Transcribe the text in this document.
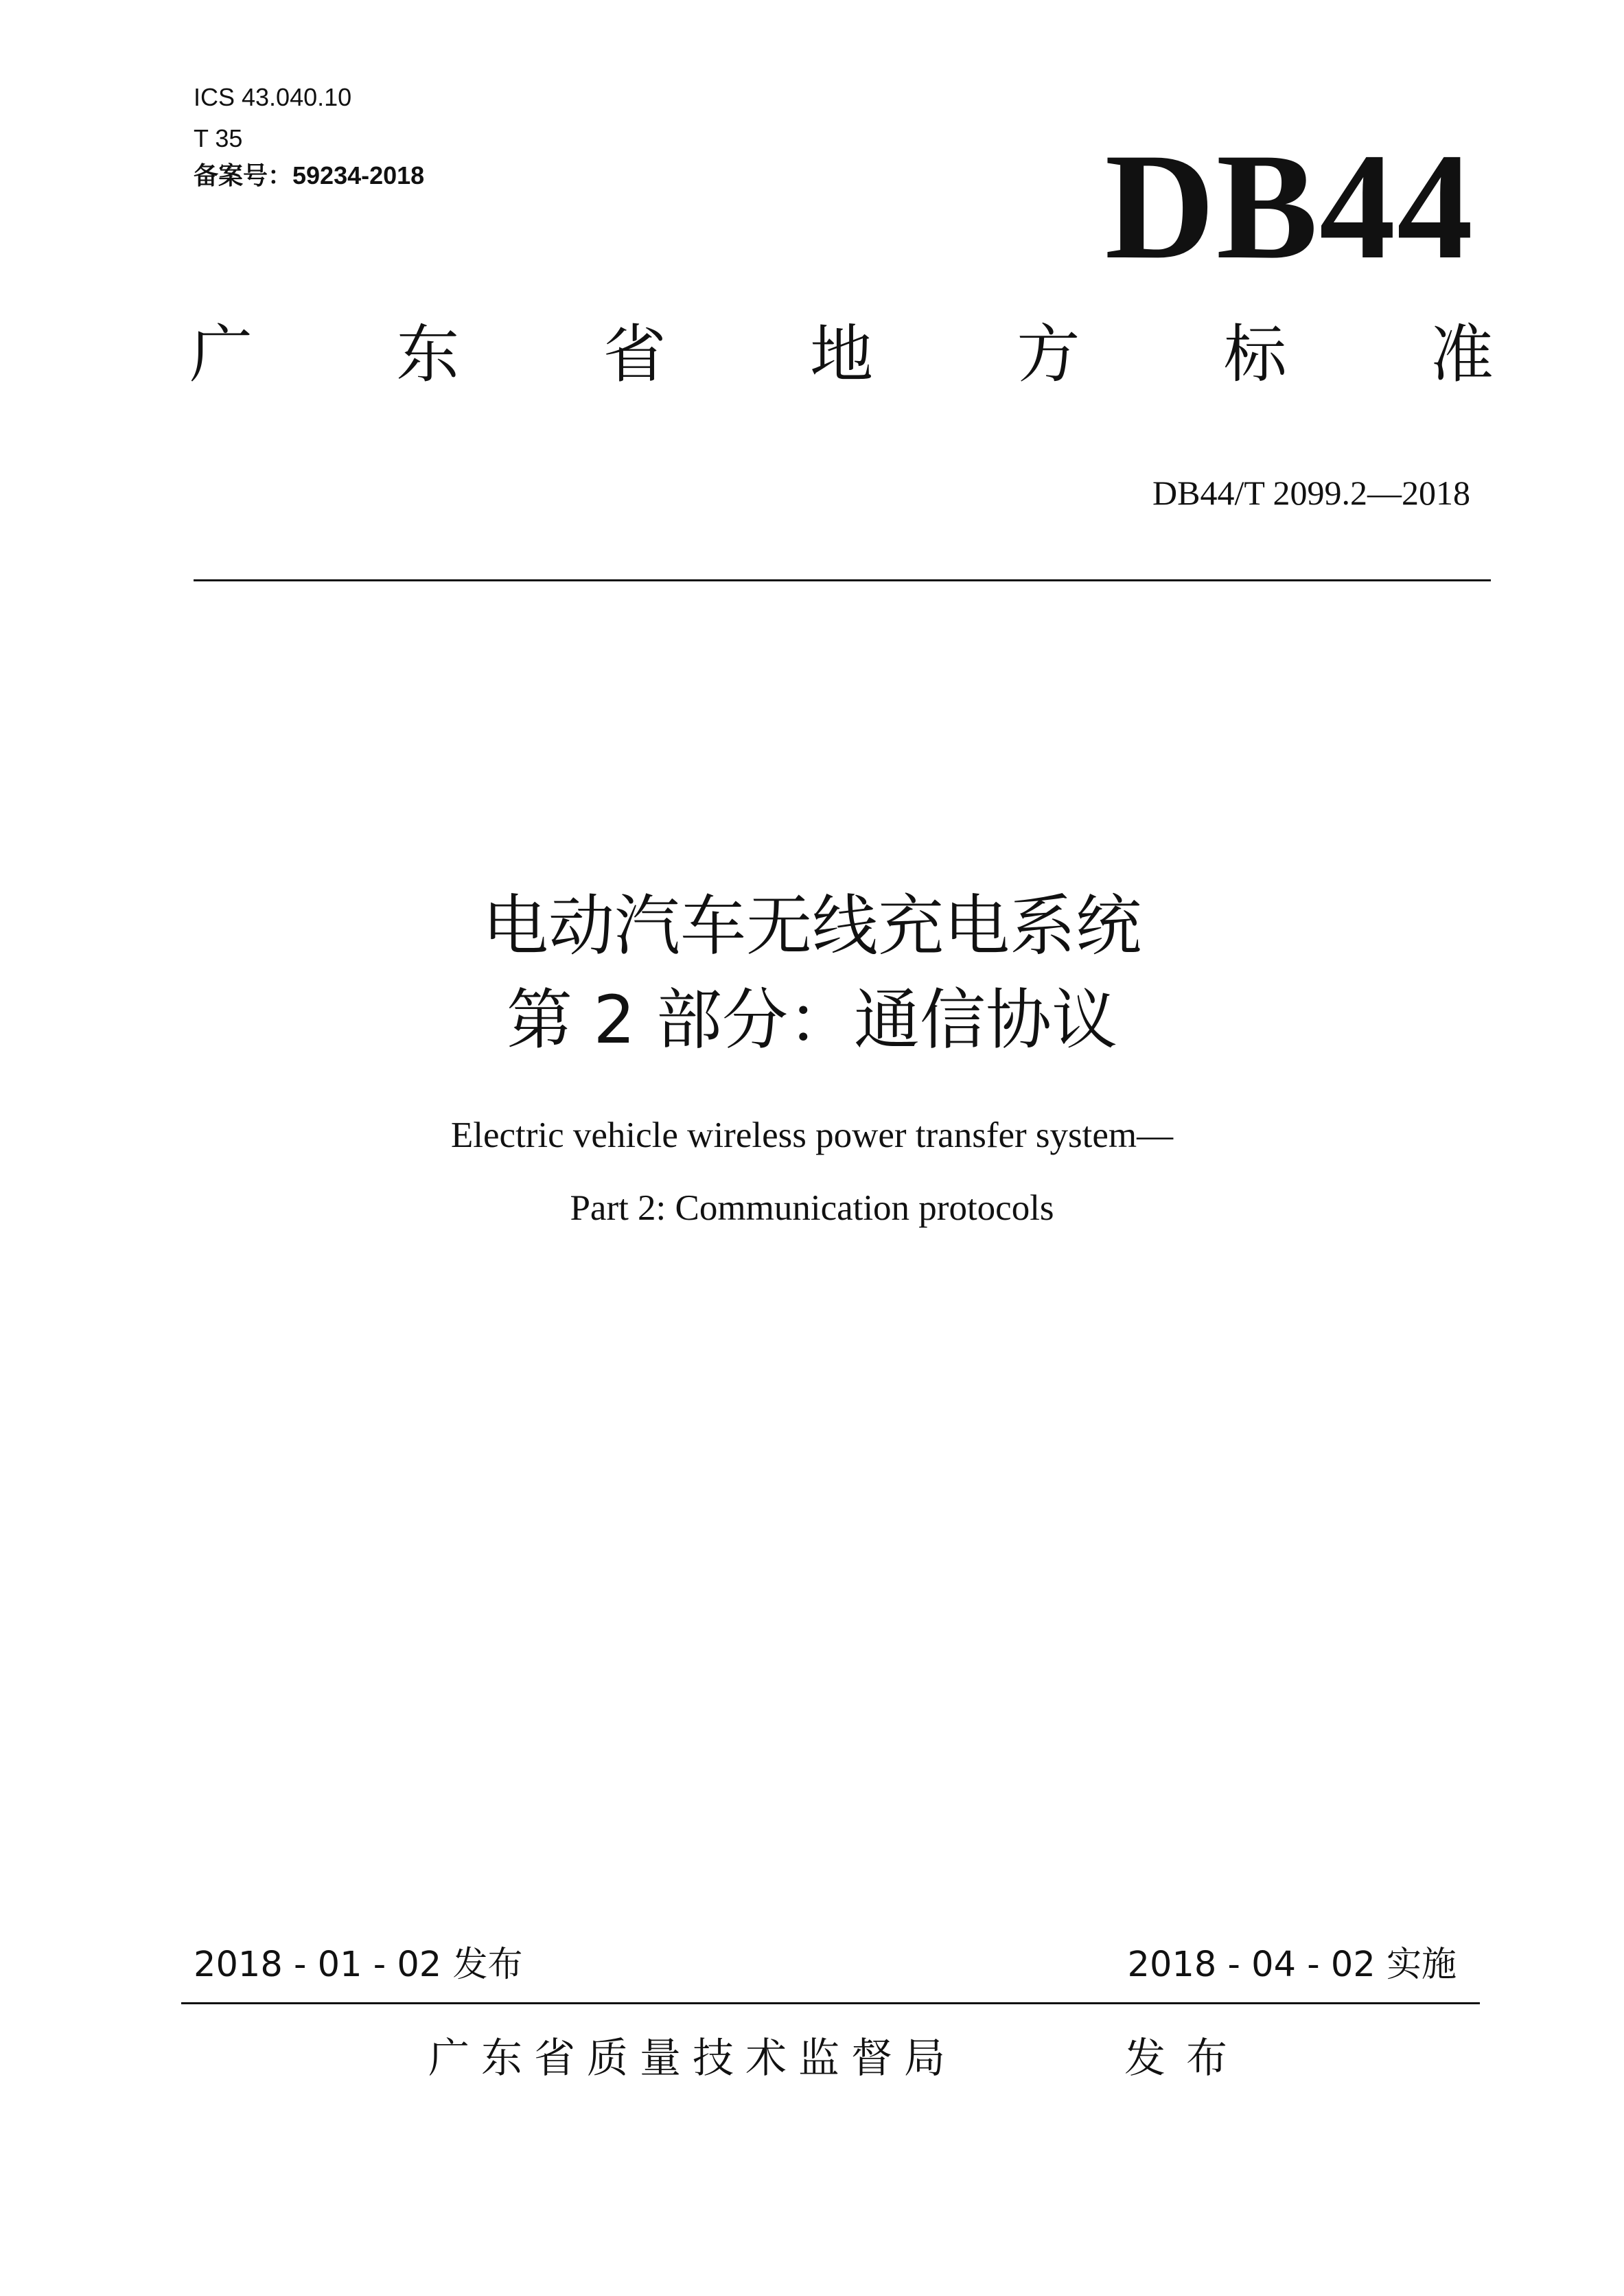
ICS 43.040.10
T 35
备案号：59234-2018	DB44
广 东 省 地 方 标 准
DB44/T 2099.2—2018
电动汽车无线充电系统
第 2 部分：通信协议
Electric vehicle wireless power transfer system—
Part 2: Communication protocols
2018 - 01 - 02 发布	2018 - 04 - 02 实施
广东省质量技术监督局	发布
